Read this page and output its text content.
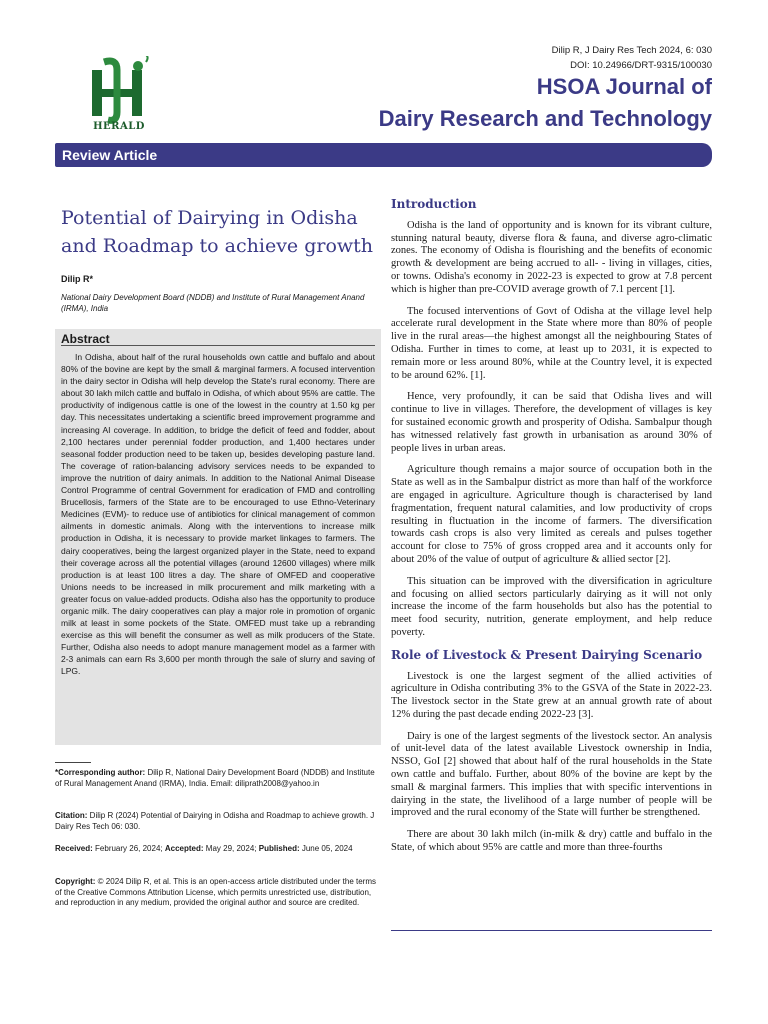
HERALD
Dilip R, J Dairy Res Tech 2024, 6: 030
DOI: 10.24966/DRT-9315/100030
HSOA Journal of
Dairy Research and Technology
Review Article
Potential of Dairying in Odisha
and Roadmap to achieve growth
Dilip R*
National Dairy Development Board (NDDB) and Institute of Rural Management Anand (IRMA), India
Abstract

In Odisha, about half of the rural households own cattle and buffalo and about 80% of the bovine are kept by the small & marginal farmers. A focused intervention in the dairy sector in Odisha will help develop the State's rural economy. There are about 30 lakh milch cattle and buffalo in Odisha, of which about 95% are cattle. The productivity of indigenous cattle is one of the lowest in the country at 1.50 kg per day. This necessitates undertaking a scientific breed improvement programme and increasing AI coverage. In addition, to bridge the deficit of feed and fodder, about 2,100 hectares under perennial fodder production, and 1,400 hectares under seasonal fodder production need to be taken up, besides developing pasture land. The coverage of ration-balancing advisory services needs to be expanded to improve the nutrition of dairy animals. In addition to the National Animal Disease Control Programme of central Government for eradication of FMD and controlling Brucellosis, farmers of the State are to be encouraged to use Ethno-Veterinary Medicines (EVM)- to reduce use of antibiotics for clinical management of common ailments in domestic animals. Along with the interventions to increase milk production in Odisha, it is necessary to provide market linkages to farmers. The dairy cooperatives, being the largest organized player in the State, need to expand their coverage across all the potential villages (around 12600 villages) where milk production is at least 100 litres a day. The share of OMFED and cooperative Unions needs to be increased in milk procurement and milk marketing with a greater focus on value-added products. Odisha also has the opportunity to produce organic milk. The dairy cooperatives can play a major role in promotion of organic milk at least in some pockets of the State. OMFED must take up a rebranding exercise as this will benefit the consumer as well as milk producers of the State. Further, Odisha also needs to adopt manure management model as a farmer with 2-3 animals can earn Rs 3,600 per month through the sale of slurry and saving of LPG.

*Corresponding author: Dilip R, National Dairy Development Board (NDDB) and Institute of Rural Management Anand (IRMA), India. Email: diliprath2008@yahoo.in
Citation: Dilip R (2024) Potential of Dairying in Odisha and Roadmap to achieve growth. J Dairy Res Tech 06: 030.
Received: February 26, 2024; Accepted: May 29, 2024; Published: June 05, 2024
Copyright: © 2024 Dilip R, et al. This is an open-access article distributed under the terms of the Creative Commons Attribution License, which permits unrestricted use, distribution, and reproduction in any medium, provided the original author and source are credited.
Introduction

Odisha is the land of opportunity and is known for its vibrant culture, stunning natural beauty, diverse flora & fauna, and diverse agro-climatic zones. The economy of Odisha is flourishing and the benefits of economic growth & development are being accrued to all- - living in villages, cities, or towns. Odisha's economy in 2022-23 is expected to grow at 7.8 percent which is higher than pre-COVID average growth of 7.1 percent [1].

The focused interventions of Govt of Odisha at the village level help accelerate rural development in the State where more than 80% of people live in the rural areas—the highest amongst all the neighbouring States of Odisha. Further in times to come, at least up to 2031, it is expected to remain more or less around 80%, while at the Country level, it is expected to be around 62%. [1].

Hence, very profoundly, it can be said that Odisha lives and will continue to live in villages. Therefore, the development of villages is key for sustained economic growth and prosperity of Odisha. Sambalpur though has witnessed relatively fast growth in urbanisation as around 30% of people lives in urban areas.

Agriculture though remains a major source of occupation both in the State as well as in the Sambalpur district as more than half of the workforce are engaged in agriculture. Agriculture though is characterised by land fragmentation, frequent natural calamities, and low productivity of crops resulting in fluctuation in the income of farmers. The diversification towards cash crops is also very limited as cereals and pulses together account for close to 75% of gross cropped area and it accounts only for about 20% of the value of output of agriculture & allied sector [2].

This situation can be improved with the diversification in agriculture and focusing on allied sectors particularly dairying as it will not only increase the income of the farm households but also has the potential to meet food security, nutrition, generate employment, and help reduce poverty.

Role of Livestock & Present Dairying Scenario

Livestock is one the largest segment of the allied activities of agriculture in Odisha contributing 3% to the GSVA of the State in 2022-23. The livestock sector in the State grew at an annual growth rate of about 12% during the past decade ending 2022-23 [3].

Dairy is one of the largest segments of the livestock sector. An analysis of unit-level data of the latest available Livestock ownership in India, NSSO, GoI [2] showed that about half of the rural households in the State own cattle and buffalo. Further, about 80% of the bovine are kept by the small & marginal farmers. This implies that with specific interventions in dairying in the state, the livelihood of a large number of people will be improved and the rural economy of the State will further be strengthened.

There are about 30 lakh milch (in-milk & dry) cattle and buffalo in the State, of which about 95% are cattle and more than three-fourths
